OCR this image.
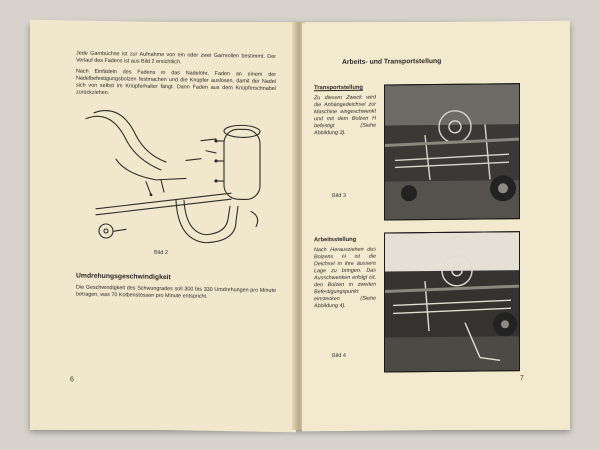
Jede Garnbüchse ist zur Aufnahme von ein oder zwei Garnrollen bestimmt. Der Verlauf des Fadens ist aus Bild 2 ersichtlich.
Nach Einfädeln des Fadens in das Nadelöhr, Faden an einem der Nadelbefestigungsbolzen festmachen und die Knüpfer auslösen, damit der Nadel sich von selbst im Knüpferhalter fängt. Dann Faden aus dem Knüpferschnabel zurückziehen.
Bild 2
Umdrehungsgeschwindigkeit
Die Geschwindigkeit des Schwungrades soll 300 bis 330 Umdrehungen pro Minute betragen, was 70 Kolbenstössen pro Minute entspricht.
6
Arbeits- und Transportstellung
Transportstellung
Zu diesem Zweck wird die Anhängedeichsel zur Maschine eingeschwenkt und mit dem Bolzen H befestigt (Siehe Abbildung 3).
Bild 3
Arbeitsstellung
Nach Herausziehen des Bolzens H ist die Deichsel in ihre äussere Lage zu bringen. Das Ausschwenken erfolgt ist, den Bolzen in zweiten Befestigungspunkt einstecken (Siehe Abbildung 4).
Bild 4
7
